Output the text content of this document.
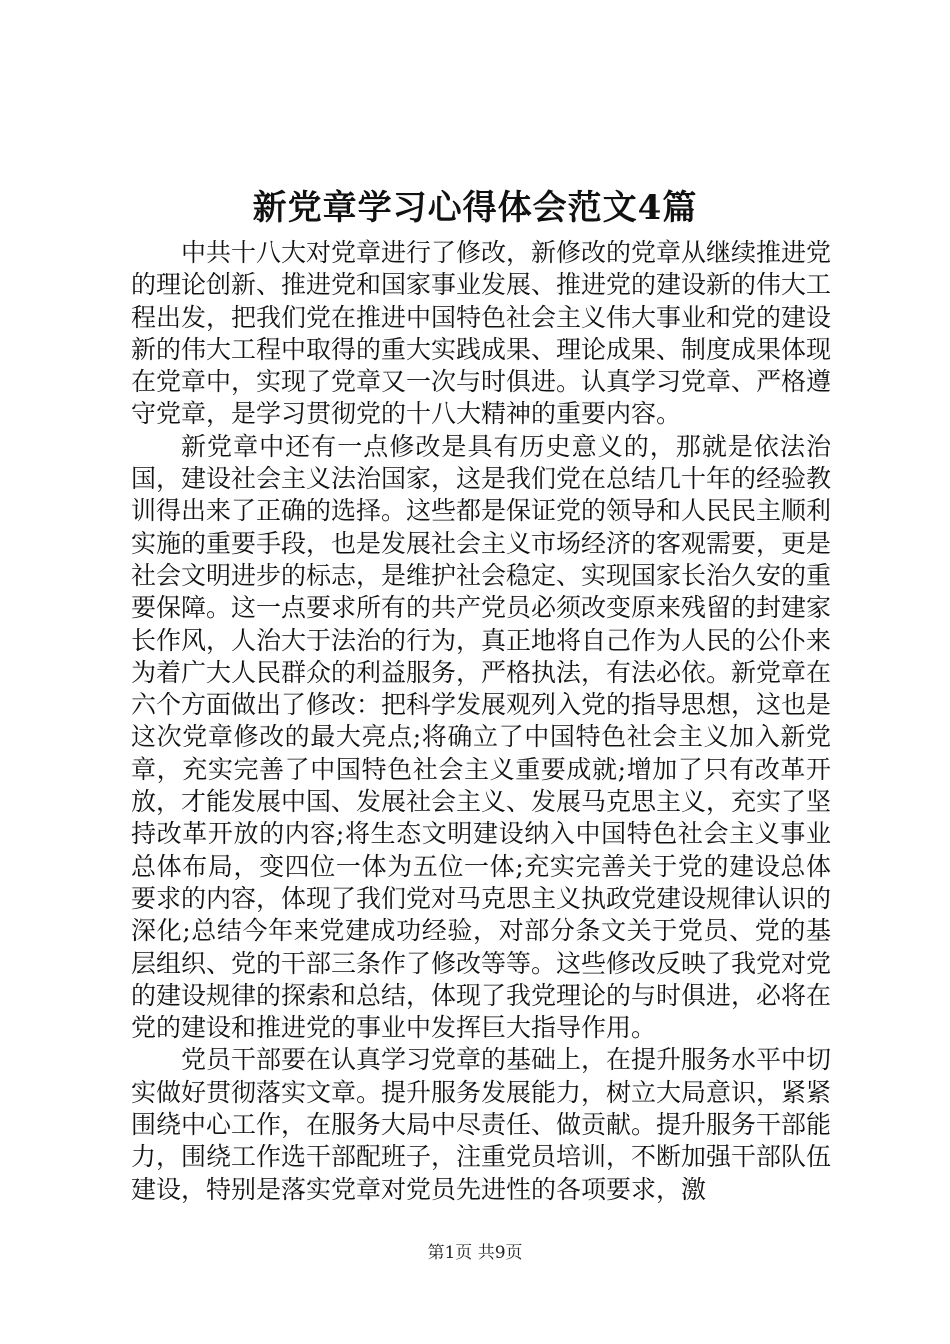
新党章学习心得体会范文4篇

中共十八大对党章进行了修改，新修改的党章从继续推进党的理论创新、推进党和国家事业发展、推进党的建设新的伟大工程出发，把我们党在推进中国特色社会主义伟大事业和党的建设新的伟大工程中取得的重大实践成果、理论成果、制度成果体现在党章中，实现了党章又一次与时俱进。认真学习党章、严格遵守党章，是学习贯彻党的十八大精神的重要内容。

新党章中还有一点修改是具有历史意义的，那就是依法治国，建设社会主义法治国家，这是我们党在总结几十年的经验教训得出来了正确的选择。这些都是保证党的领导和人民民主顺利实施的重要手段，也是发展社会主义市场经济的客观需要，更是社会文明进步的标志，是维护社会稳定、实现国家长治久安的重要保障。这一点要求所有的共产党员必须改变原来残留的封建家长作风，人治大于法治的行为，真正地将自己作为人民的公仆来为着广大人民群众的利益服务，严格执法，有法必依。新党章在六个方面做出了修改：把科学发展观列入党的指导思想，这也是这次党章修改的最大亮点;将确立了中国特色社会主义加入新党章，充实完善了中国特色社会主义重要成就;增加了只有改革开放，才能发展中国、发展社会主义、发展马克思主义，充实了坚持改革开放的内容;将生态文明建设纳入中国特色社会主义事业总体布局，变四位一体为五位一体;充实完善关于党的建设总体要求的内容，体现了我们党对马克思主义执政党建设规律认识的深化;总结今年来党建成功经验，对部分条文关于党员、党的基层组织、党的干部三条作了修改等等。这些修改反映了我党对党的建设规律的探索和总结，体现了我党理论的与时俱进，必将在党的建设和推进党的事业中发挥巨大指导作用。

党员干部要在认真学习党章的基础上，在提升服务水平中切实做好贯彻落实文章。提升服务发展能力，树立大局意识，紧紧围绕中心工作，在服务大局中尽责任、做贡献。提升服务干部能力，围绕工作选干部配班子，注重党员培训，不断加强干部队伍建设，特别是落实党章对党员先进性的各项要求，激

第1页 共9页
